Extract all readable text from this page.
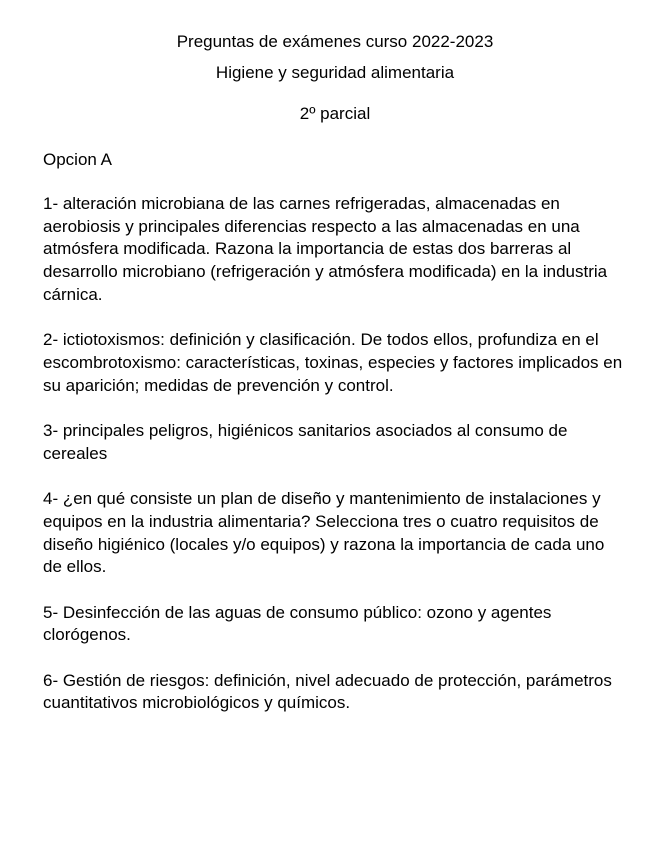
Preguntas de exámenes curso 2022-2023
Higiene y seguridad alimentaria
2º parcial
Opcion A
1- alteración microbiana de las carnes refrigeradas, almacenadas en aerobiosis y principales diferencias respecto a las almacenadas en una atmósfera modificada. Razona la importancia de estas dos barreras al desarrollo microbiano (refrigeración y atmósfera modificada) en la industria cárnica.
2- ictiotoxismos: definición y clasificación. De todos ellos, profundiza en el escombrotoxismo: características, toxinas, especies y factores implicados en su aparición; medidas de prevención y control.
3- principales peligros, higiénicos sanitarios asociados al consumo de cereales
4- ¿en qué consiste un plan de diseño y mantenimiento de instalaciones y equipos en la industria alimentaria? Selecciona tres o cuatro requisitos de diseño higiénico (locales y/o equipos) y razona la importancia de cada uno de ellos.
5- Desinfección de las aguas de consumo público: ozono y agentes clorógenos.
6- Gestión de riesgos: definición, nivel adecuado de protección, parámetros cuantitativos microbiológicos y químicos.
